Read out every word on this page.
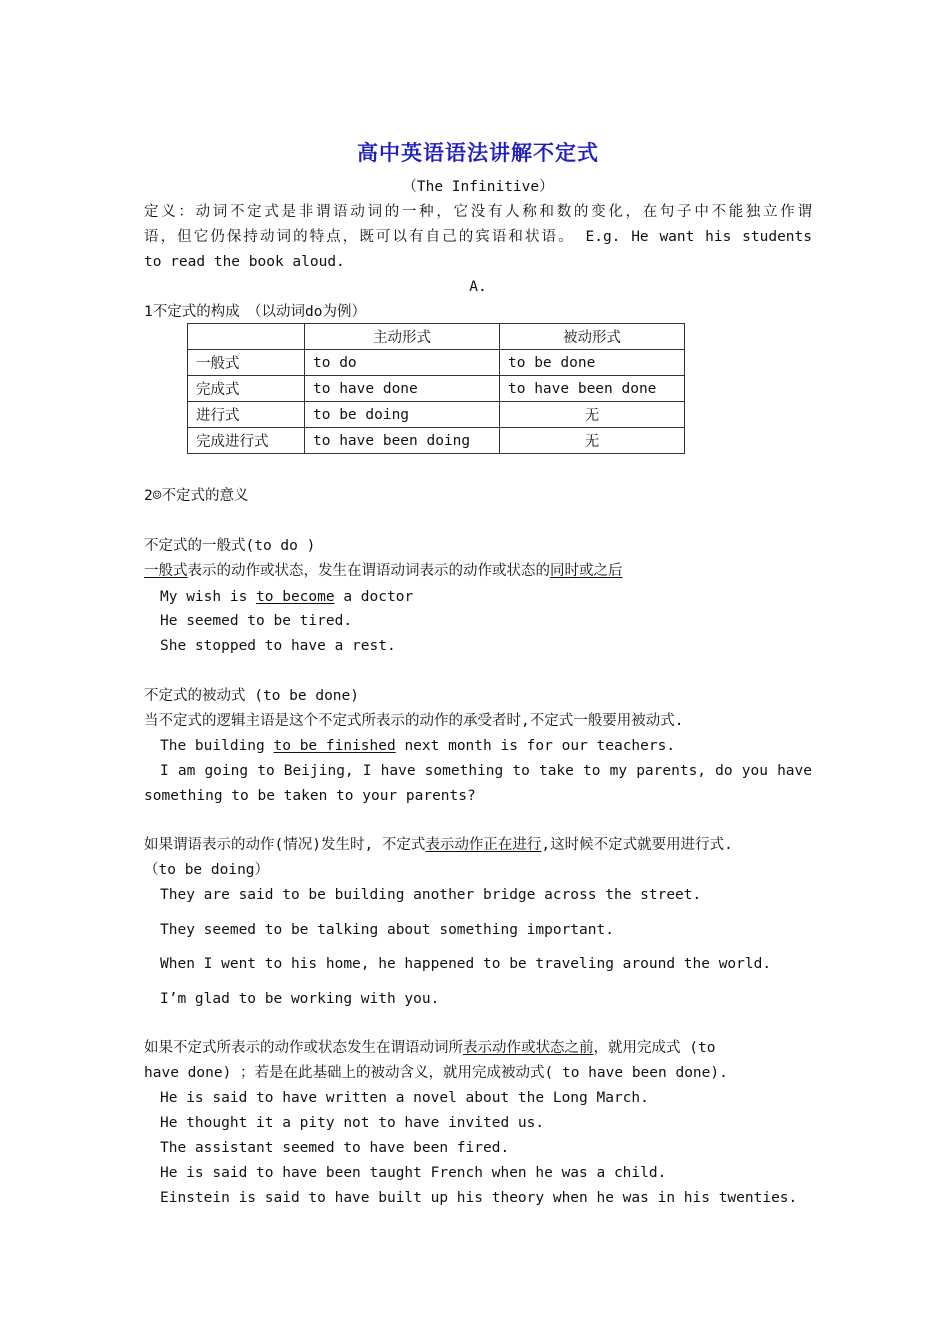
高中英语语法讲解不定式
（The Infinitive）
定义：动词不定式是非谓语动词的一种，它没有人称和数的变化，在句子中不能独立作谓
语，但它仍保持动词的特点，既可以有自己的宾语和状语。 E.g. He want his students
to read the book aloud.
A.
1不定式的构成　（以动词do为例）
	主动形式	被动形式
一般式	to do	to be done
完成式	to have done	to have been done
进行式	to be doing	无
完成进行式	to have been doing	无
2☺不定式的意义
不定式的一般式(to do )
一般式表示的动作或状态，发生在谓语动词表示的动作或状态的同时或之后
My wish is to become a doctor
He seemed to be tired.
She stopped to have a rest.
不定式的被动式 (to be done)
当不定式的逻辑主语是这个不定式所表示的动作的承受者时,不定式一般要用被动式.
The building to be finished next month is for our teachers.
I am going to Beijing, I have something to take to my parents, do you have
something to be taken to your parents?
如果谓语表示的动作(情况)发生时, 不定式表示动作正在进行,这时候不定式就要用进行式.
（to be doing）
They are said to be building another bridge across the street.
They seemed to be talking about something important.
When I went to his home, he happened to be traveling around the world.
I’m glad to be working with you.
如果不定式所表示的动作或状态发生在谓语动词所表示动作或状态之前，就用完成式 (to
have done) ；若是在此基础上的被动含义，就用完成被动式( to have been done).
He is said to have written a novel about the Long March.
He thought it a pity not to have invited us.
The assistant seemed to have been fired.
He is said to have been taught French when he was a child.
Einstein is said to have built up his theory when he was in his twenties.
